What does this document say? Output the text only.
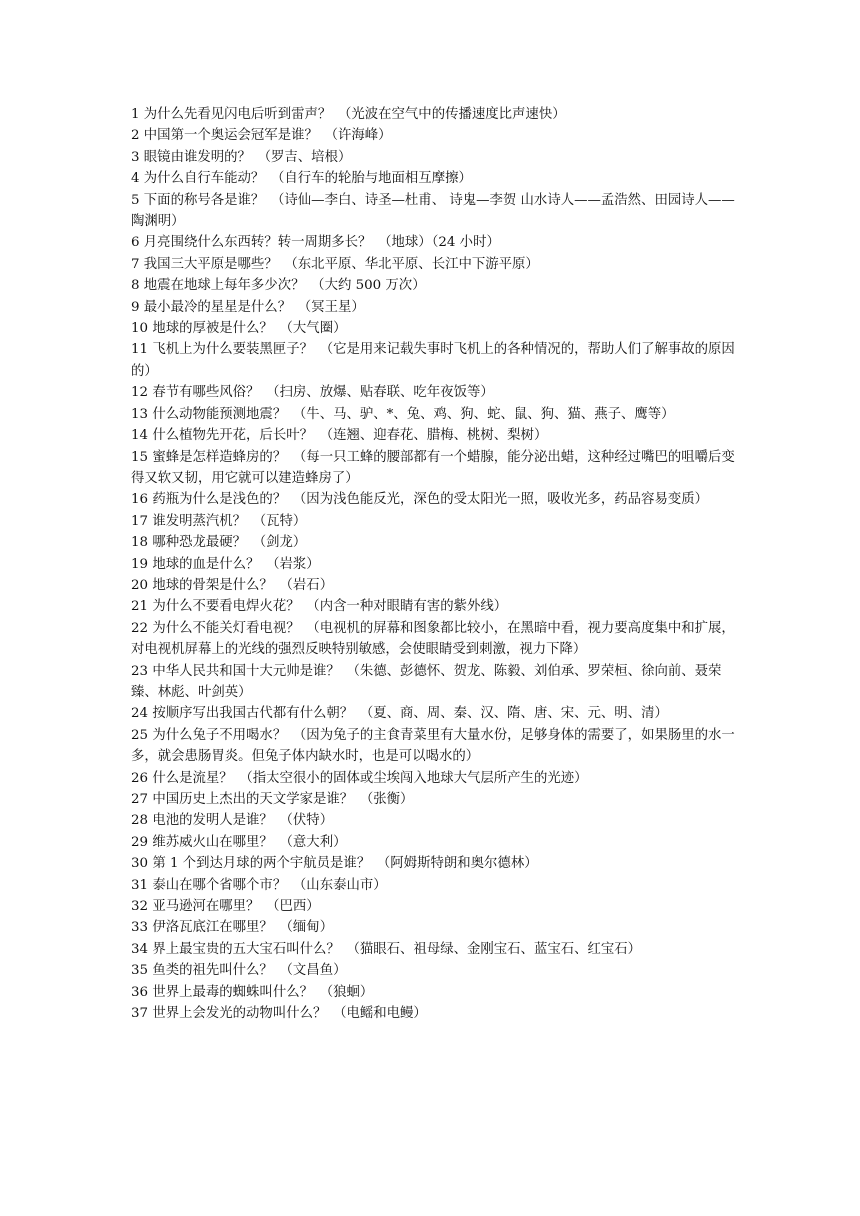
1 为什么先看见闪电后听到雷声？　 （光波在空气中的传播速度比声速快）

2 中国第一个奥运会冠军是谁？　 （许海峰）

3 眼镜由谁发明的？　 （罗吉、培根）

4 为什么自行车能动？　 （自行车的轮胎与地面相互摩擦）

5 下面的称号各是谁？　 （诗仙—李白、诗圣—杜甫、 诗鬼—李贺 山水诗人——孟浩然、田园诗人——陶渊明）

6 月亮围绕什么东西转？转一周期多长？　 （地球）（24 小时）

7 我国三大平原是哪些？　 （东北平原、华北平原、长江中下游平原）

8 地震在地球上每年多少次？　 （大约 500 万次）

9 最小最冷的星星是什么？　 （冥王星）

10 地球的厚被是什么？　 （大气圈）

11 飞机上为什么要装黑匣子？　 （它是用来记载失事时飞机上的各种情况的，帮助人们了解事故的原因的）

12 春节有哪些风俗？　 （扫房、放爆、贴春联、吃年夜饭等）

13 什么动物能预测地震？　 （牛、马、驴、*、兔、鸡、狗、蛇、鼠、狗、猫、燕子、鹰等）

14 什么植物先开花，后长叶？　 （连翘、迎春花、腊梅、桃树、梨树）

15 蜜蜂是怎样造蜂房的？　 （每一只工蜂的腰部都有一个蜡腺，能分泌出蜡，这种经过嘴巴的咀嚼后变得又软又韧，用它就可以建造蜂房了）

16 药瓶为什么是浅色的？　 （因为浅色能反光，深色的受太阳光一照，吸收光多，药品容易变质）

17 谁发明蒸汽机？　 （瓦特）

18 哪种恐龙最硬？　 （剑龙）

19 地球的血是什么？　 （岩浆）

20 地球的骨架是什么？　 （岩石）

21 为什么不要看电焊火花？　 （内含一种对眼睛有害的紫外线）

22 为什么不能关灯看电视？　 （电视机的屏幕和图象都比较小，在黑暗中看，视力要高度集中和扩展，对电视机屏幕上的光线的强烈反映特别敏感，会使眼睛受到刺激，视力下降）

23 中华人民共和国十大元帅是谁？　 （朱德、彭德怀、贺龙、陈毅、刘伯承、罗荣桓、徐向前、聂荣 臻、林彪、叶剑英）

24 按顺序写出我国古代都有什么朝？　 （夏、商、周、秦、汉、隋、唐、宋、元、明、清）

25 为什么兔子不用喝水？　 （因为兔子的主食青菜里有大量水份，足够身体的需要了，如果肠里的水一多，就会患肠胃炎。但兔子体内缺水时，也是可以喝水的）

26 什么是流星？　 （指太空很小的固体或尘埃闯入地球大气层所产生的光迹）

27 中国历史上杰出的天文学家是谁？　 （张衡）

28 电池的发明人是谁？　 （伏特）

29 维苏威火山在哪里？　 （意大利）

30 第 1 个到达月球的两个宇航员是谁？　 （阿姆斯特朗和奥尔德林）

31 泰山在哪个省哪个市？　 （山东泰山市）

32 亚马逊河在哪里？　 （巴西）

33 伊洛瓦底江在哪里？　 （缅甸）

34 界上最宝贵的五大宝石叫什么？　 （猫眼石、祖母绿、金刚宝石、蓝宝石、红宝石）

35 鱼类的祖先叫什么？　 （文昌鱼）

36 世界上最毒的蜘蛛叫什么？　 （狼蛔）

37 世界上会发光的动物叫什么？　 （电鳐和电鳗）
